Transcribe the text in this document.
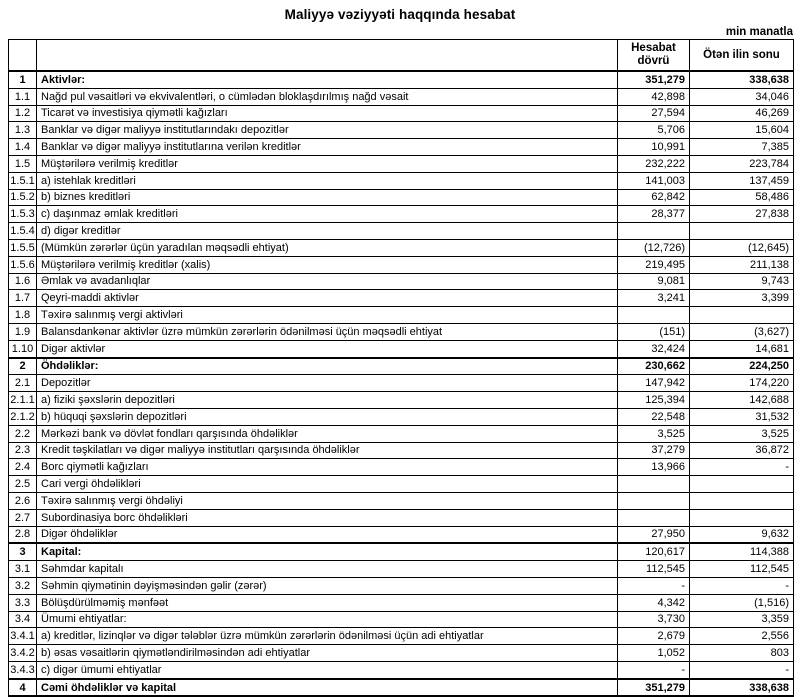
Maliyyə vəziyyəti haqqında hesabat
min manatla
		Hesabat dövrü	Ötən ilin sonu
1	Aktivlər:	351,279	338,638
1.1	Nağd pul vəsaitləri və ekvivalentləri, o cümlədən bloklaşdırılmış nağd vəsait	42,898	34,046
1.2	Ticarət və investisiya qiymətli kağızları	27,594	46,269
1.3	Banklar və digər maliyyə institutlarındakı depozitlər	5,706	15,604
1.4	Banklar və digər maliyyə institutlarına verilən kreditlər	10,991	7,385
1.5	Müştərilərə verilmiş kreditlər	232,222	223,784
1.5.1	a) istehlak kreditləri	141,003	137,459
1.5.2	b) biznes kreditləri	62,842	58,486
1.5.3	c) daşınmaz əmlak kreditləri	28,377	27,838
1.5.4	d) digər kreditlər		
1.5.5	(Mümkün zərərlər üçün yaradılan məqsədli ehtiyat)	(12,726)	(12,645)
1.5.6	Müştərilərə verilmiş kreditlər (xalis)	219,495	211,138
1.6	Əmlak və avadanlıqlar	9,081	9,743
1.7	Qeyri-maddi aktivlər	3,241	3,399
1.8	Təxirə salınmış vergi aktivləri		
1.9	Balansdankənar aktivlər üzrə mümkün zərərlərin ödənilməsi üçün məqsədli ehtiyat	(151)	(3,627)
1.10	Digər aktivlər	32,424	14,681
2	Öhdəliklər:	230,662	224,250
2.1	Depozitlər	147,942	174,220
2.1.1	a) fiziki şəxslərin depozitləri	125,394	142,688
2.1.2	b) hüquqi şəxslərin depozitləri	22,548	31,532
2.2	Mərkəzi bank və dövlət fondları qarşısında öhdəliklər	3,525	3,525
2.3	Kredit təşkilatları və digər maliyyə institutları qarşısında öhdəliklər	37,279	36,872
2.4	Borc qiymətli kağızları	13,966	-
2.5	Cari vergi öhdəlikləri		
2.6	Təxirə salınmış vergi öhdəliyi		
2.7	Subordinasiya borc öhdəlikləri		
2.8	Digər öhdəliklər	27,950	9,632
3	Kapital:	120,617	114,388
3.1	Səhmdar kapitalı	112,545	112,545
3.2	Səhmin qiymətinin dəyişməsindən gəlir (zərər)	-	-
3.3	Bölüşdürülməmiş mənfəət	4,342	(1,516)
3.4	Ümumi ehtiyatlar:	3,730	3,359
3.4.1	a) kreditlər, lizinqlər və digər tələblər üzrə mümkün zərərlərin ödənilməsi üçün adi ehtiyatlar	2,679	2,556
3.4.2	b) əsas vəsaitlərin qiymətləndirilməsindən adi ehtiyatlar	1,052	803
3.4.3	c) digər ümumi ehtiyatlar	-	-
4	Cəmi öhdəliklər və kapital	351,279	338,638
